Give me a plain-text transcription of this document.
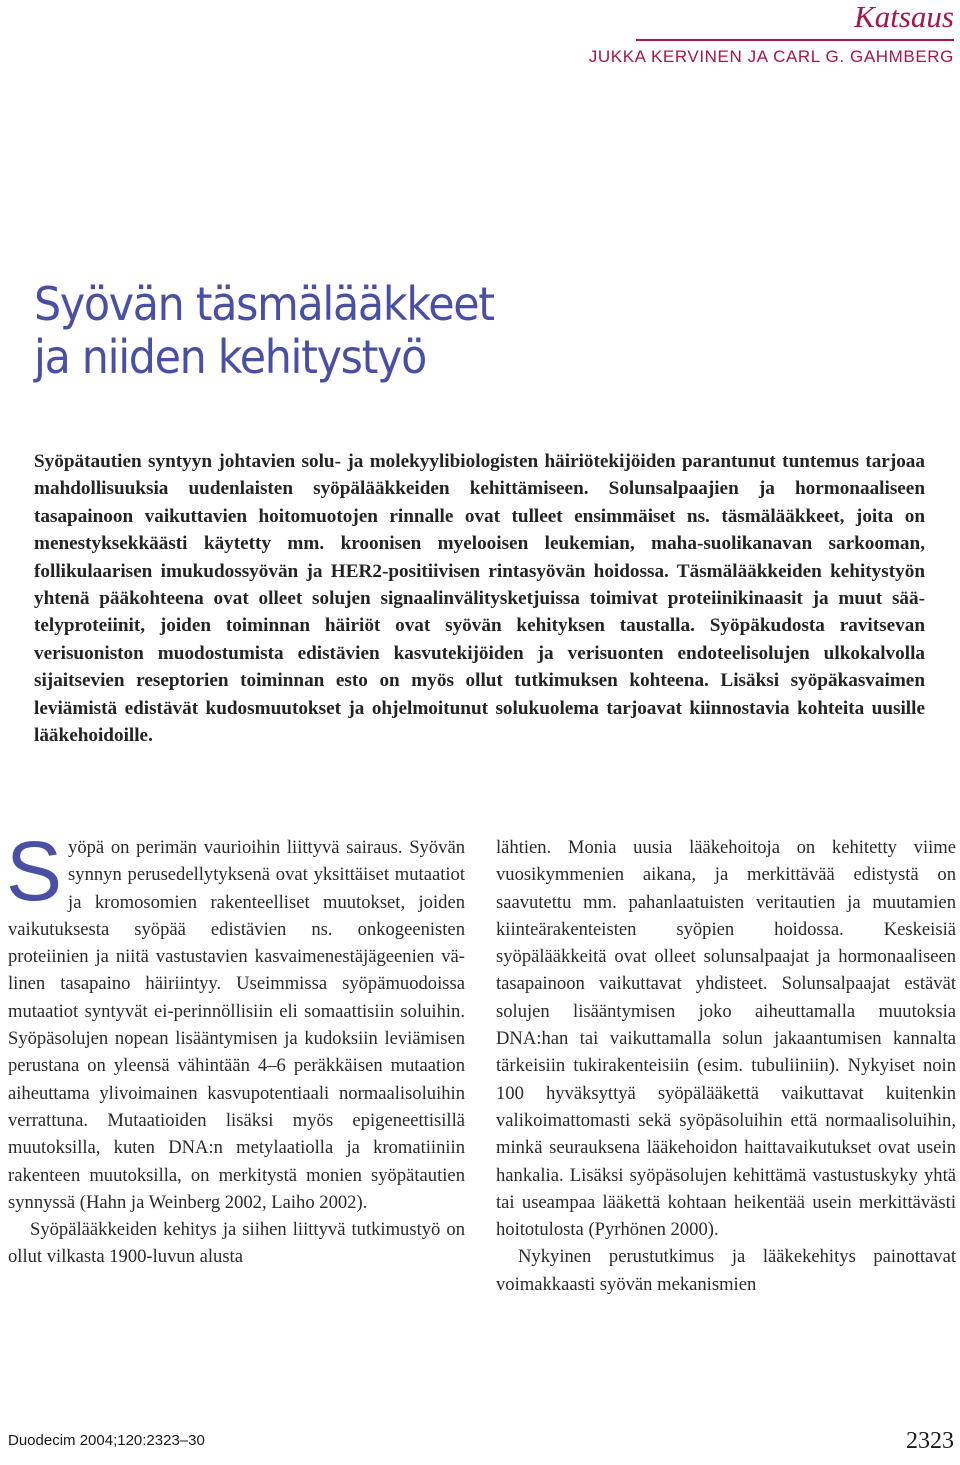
Katsaus
JUKKA KERVINEN JA CARL G. GAHMBERG
Syövän täsmälääkkeet
ja niiden kehitystyö

Syöpätautien syntyyn johtavien solu- ja molekyylibiologisten häiriötekijöiden parantunut tuntemus tarjoaa mahdollisuuksia uudenlaisten syöpälääkkeiden kehittämiseen. Solunsalpaajien ja hormonaaliseen tasapainoon vaikuttavien hoitomuotojen rinnalle ovat tulleet ensimmäiset ns. täsmälääkkeet, joita on menestyksekkäästi käytetty mm. kroonisen myelooisen leukemian, maha-suolikanavan sarkooman, follikulaarisen imukudossyövän ja HER2-positiivisen rintasyövän hoidossa. Täsmälääkkeiden kehitystyön yhtenä pääkohteena ovat olleet solujen signaalinvälitysketjuissa toimivat proteiinikinaasit ja muut säätelyproteiinit, joiden toiminnan häiriöt ovat syövän kehityksen taustalla. Syöpäkudosta ravitsevan verisuoniston muodostumista edistävien kasvutekijöiden ja verisuonten endoteelisolujen ulkokalvolla sijaitsevien reseptorien toiminnan esto on myös ollut tutkimuksen kohteena. Lisäksi syöpäkasvaimen leviämistä edistävät kudosmuutokset ja ohjelmoitunut solukuolema tarjoavat kiinnostavia kohteita uusille lääkehoidoille.

Syöpä on perimän vaurioihin liittyvä sairaus. Syövän synnyn perusedellytyksenä ovat yksittäiset mutaatiot ja kromosomien rakenteelliset muutokset, joiden vaikutuksesta syöpää edistävien ns. onkogeenisten proteiinien ja niitä vastustavien kasvaimenestäjägeenien välinen tasapaino häiriintyy. Useimmissa syöpämuodoissa mutaatiot syntyvät ei-perinnöllisiin eli somaattisiin soluihin. Syöpäsolujen nopean lisääntymisen ja kudoksiin leviämisen perustana on yleensä vähintään 4–6 peräkkäisen mutaation aiheuttama ylivoimainen kasvupotentiaali normaalisoluihin verrattuna. Mutaatioiden lisäksi myös epigeneettisillä muutoksilla, kuten DNA:n metylaatiolla ja kromatiiniin rakenteen muutoksilla, on merkitystä monien syöpätautien synnyssä (Hahn ja Weinberg 2002, Laiho 2002).

Syöpälääkkeiden kehitys ja siihen liittyvä tutkimustyö on ollut vilkasta 1900-luvun alusta

lähtien. Monia uusia lääkehoitoja on kehitetty viime vuosikymmenien aikana, ja merkittävää edistystä on saavutettu mm. pahanlaatuisten veritautien ja muutamien kiinteärakenteisten syöpien hoidossa. Keskeisiä syöpälääkkeitä ovat olleet solunsalpaajat ja hormonaaliseen tasapainoon vaikuttavat yhdisteet. Solunsalpaajat estävät solujen lisääntymisen joko aiheuttamalla muutoksia DNA:han tai vaikuttamalla solun jakaantumisen kannalta tärkeisiin tukirakenteisiin (esim. tubuliiniin). Nykyiset noin 100 hyväksyttyä syöpälääkettä vaikuttavat kuitenkin valikoimattomasti sekä syöpäsoluihin että normaalisoluihin, minkä seurauksena lääkehoidon haittavaikutukset ovat usein hankalia. Lisäksi syöpäsolujen kehittämä vastustuskyky yhtä tai useampaa lääkettä kohtaan heikentää usein merkittävästi hoitotulosta (Pyrhönen 2000).

Nykyinen perustutkimus ja lääkekehitys painottavat voimakkaasti syövän mekanismien

Duodecim 2004;120:2323–30	2323
